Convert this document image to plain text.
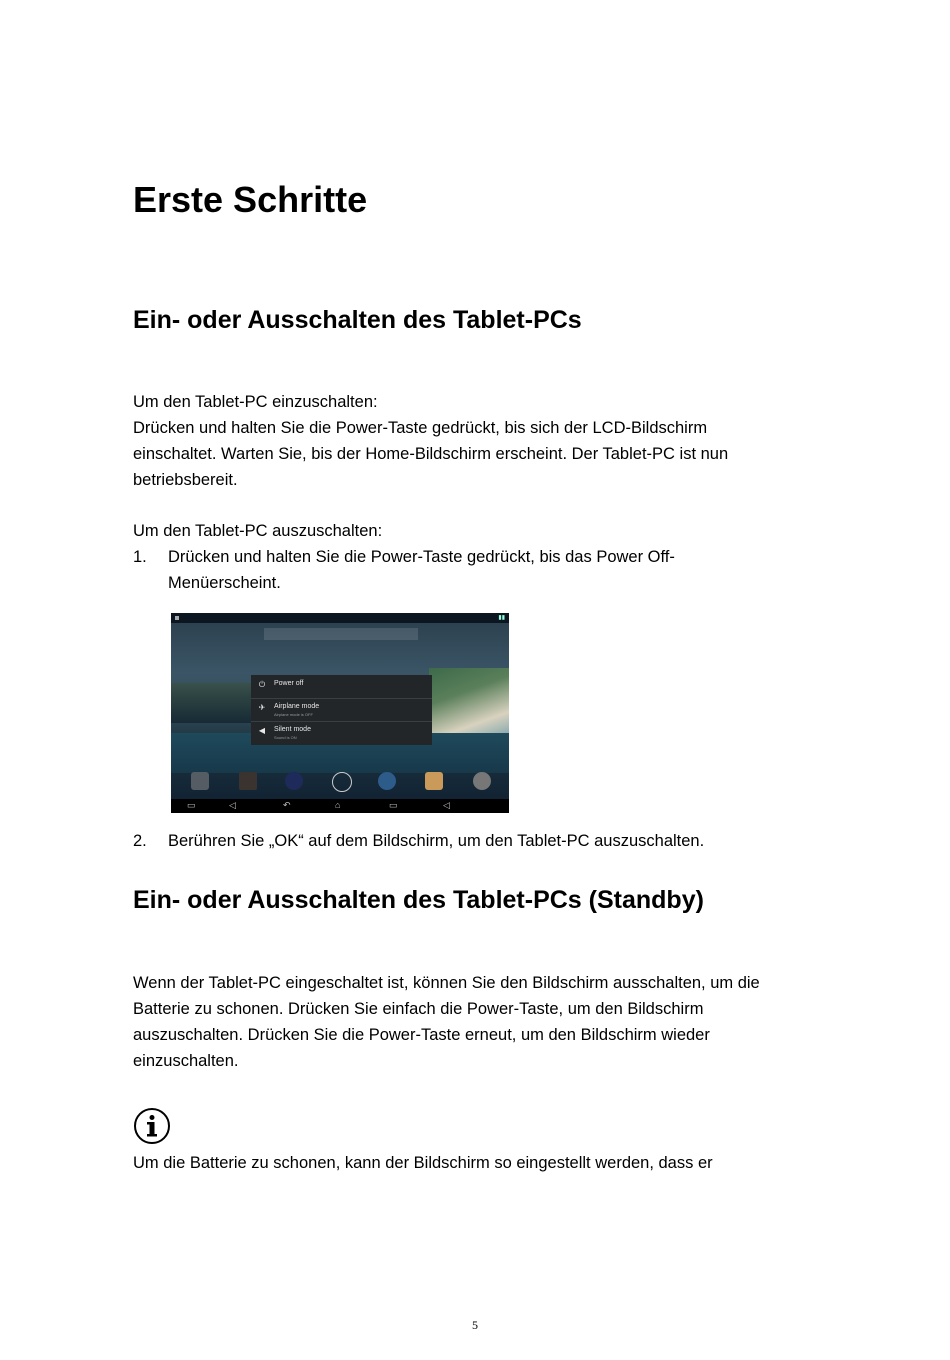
Erste Schritte
Ein- oder Ausschalten des Tablet-PCs
Um den Tablet-PC einzuschalten:
Drücken und halten Sie die Power-Taste gedrückt, bis sich der LCD-Bildschirm
einschaltet. Warten Sie, bis der Home-Bildschirm erscheint. Der Tablet-PC ist nun
betriebsbereit.
Um den Tablet-PC auszuschalten:
1. Drücken und halten Sie die Power-Taste gedrückt, bis das Power Off-
Menüerscheint.
▮▮
⏻ Power off
✈ Airplane mode
Airplane mode is OFF
◀ Silent mode
Sound is ON
▭	◁	↶	⌂	▭	◁
2. Berühren Sie „OK“ auf dem Bildschirm, um den Tablet-PC auszuschalten.
Ein- oder Ausschalten des Tablet-PCs (Standby)
Wenn der Tablet-PC eingeschaltet ist, können Sie den Bildschirm ausschalten, um die
Batterie zu schonen. Drücken Sie einfach die Power-Taste, um den Bildschirm
auszuschalten. Drücken Sie die Power-Taste erneut, um den Bildschirm wieder
einzuschalten.
Um die Batterie zu schonen, kann der Bildschirm so eingestellt werden, dass er
5
